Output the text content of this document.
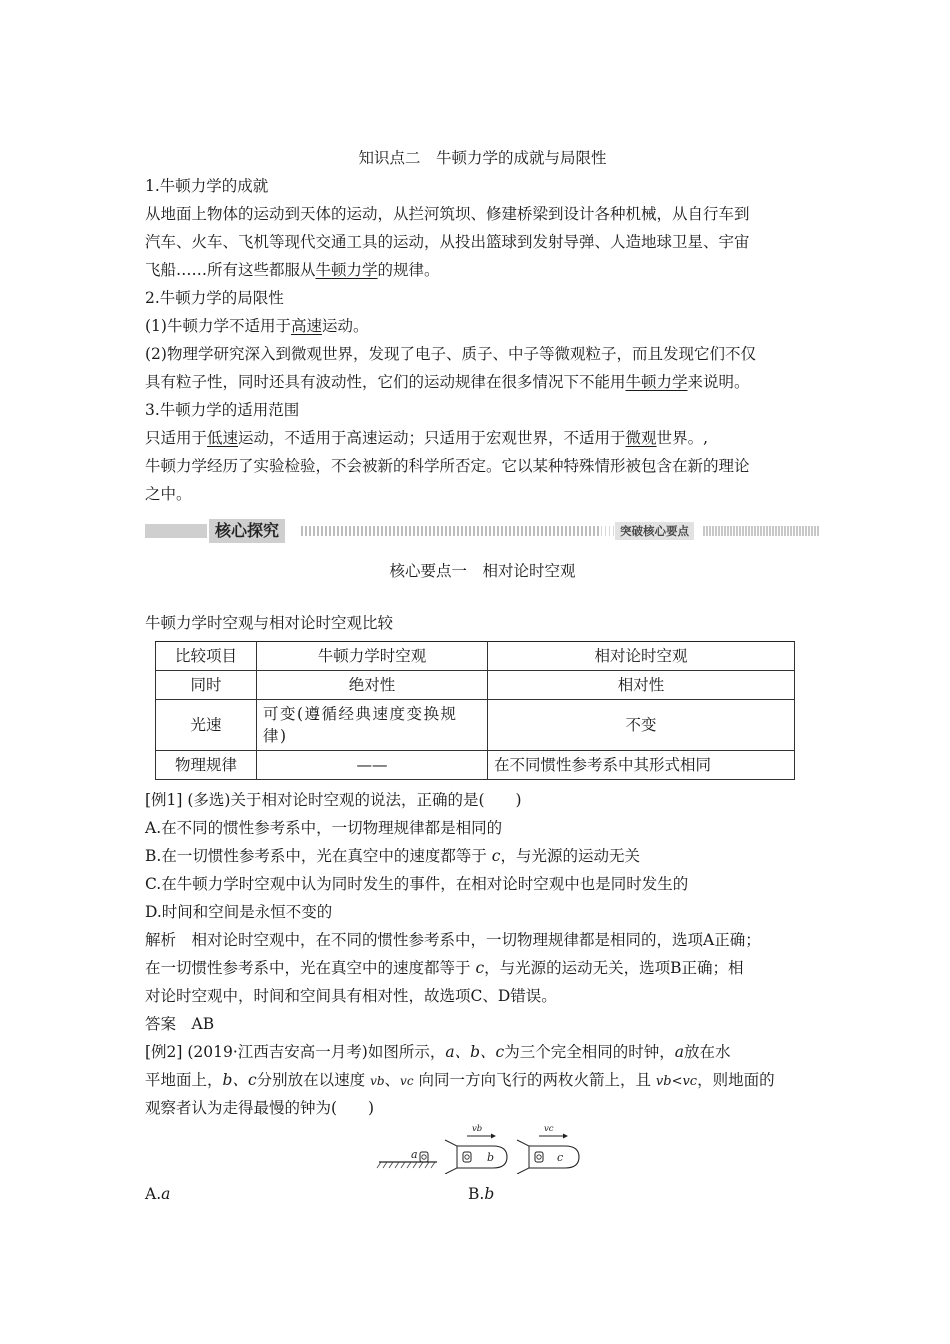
知识点二　牛顿力学的成就与局限性
1.牛顿力学的成就
从地面上物体的运动到天体的运动，从拦河筑坝、修建桥梁到设计各种机械，从自行车到
汽车、火车、飞机等现代交通工具的运动，从投出篮球到发射导弹、人造地球卫星、宇宙
飞船……所有这些都服从牛顿力学的规律。
2.牛顿力学的局限性
(1)牛顿力学不适用于高速运动。
(2)物理学研究深入到微观世界，发现了电子、质子、中子等微观粒子，而且发现它们不仅
具有粒子性，同时还具有波动性，它们的运动规律在很多情况下不能用牛顿力学来说明。
3.牛顿力学的适用范围
只适用于低速运动，不适用于高速运动；只适用于宏观世界，不适用于微观世界。,
牛顿力学经历了实验检验，不会被新的科学所否定。它以某种特殊情形被包含在新的理论
之中。
核心探究	突破核心要点
核心要点一　相对论时空观
牛顿力学时空观与相对论时空观比较
比较项目	牛顿力学时空观	相对论时空观
同时	绝对性	相对性
光速	可变(遵循经典速度变换规律)	不变
物理规律	——	在不同惯性参考系中其形式相同
[例1] (多选)关于相对论时空观的说法，正确的是(　　)
A.在不同的惯性参考系中，一切物理规律都是相同的
B.在一切惯性参考系中，光在真空中的速度都等于 c，与光源的运动无关
C.在牛顿力学时空观中认为同时发生的事件，在相对论时空观中也是同时发生的
D.时间和空间是永恒不变的
解析　相对论时空观中，在不同的惯性参考系中，一切物理规律都是相同的，选项A正确；
在一切惯性参考系中，光在真空中的速度都等于 c，与光源的运动无关，选项B正确；相
对论时空观中，时间和空间具有相对性，故选项C、D错误。
答案　AB
[例2] (2019·江西吉安高一月考)如图所示，a、b、c为三个完全相同的时钟，a放在水
平地面上，b、c分别放在以速度 vb、vc 向同一方向飞行的两枚火箭上，且 vb<vc，则地面的
观察者认为走得最慢的钟为(　　)
a	b
vb
c
vc
A.a	B.b
